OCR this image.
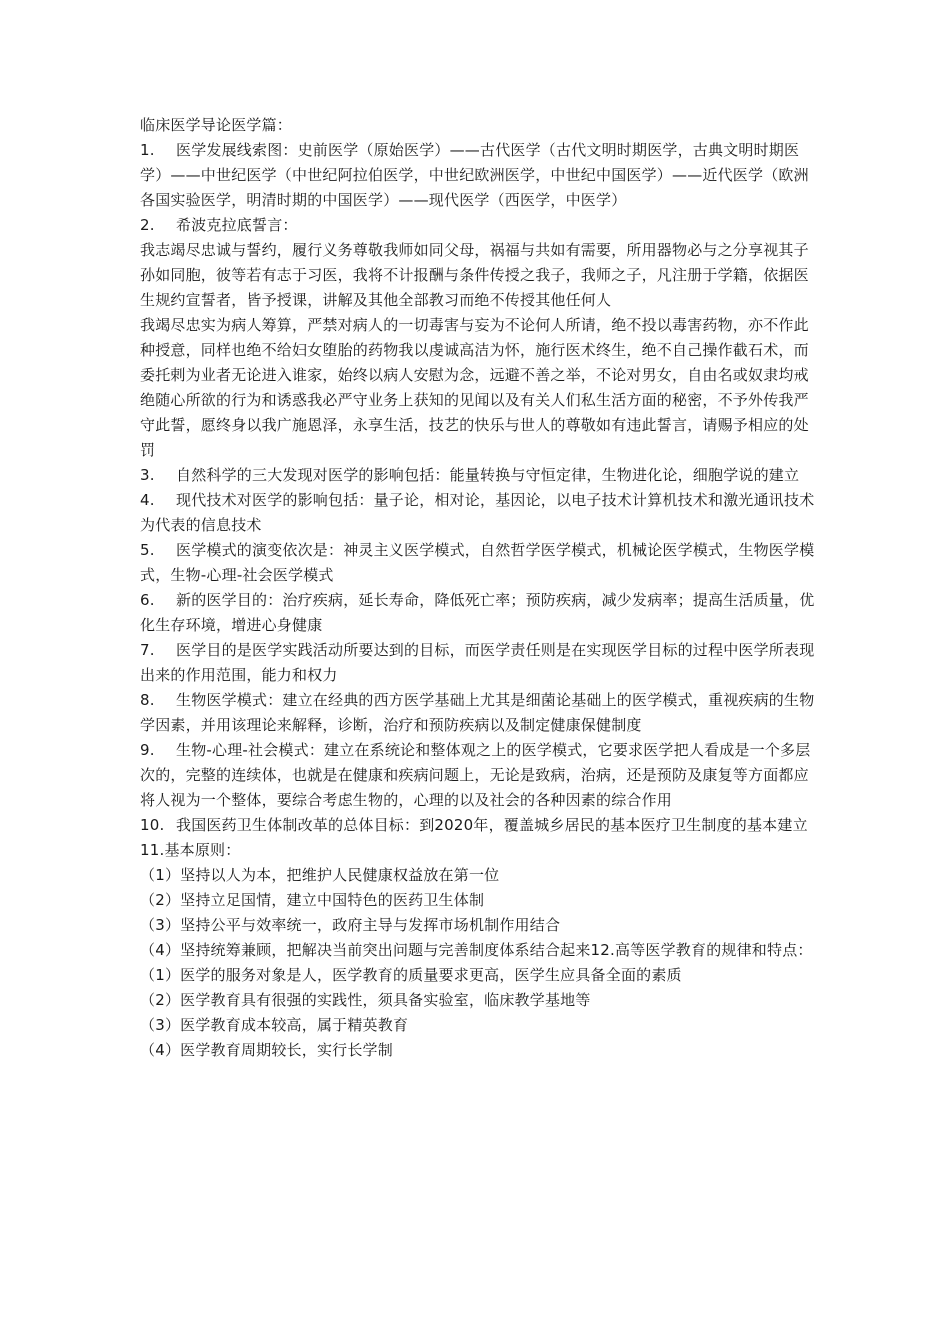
临床医学导论医学篇：

1. 医学发展线索图：史前医学（原始医学）——古代医学（古代文明时期医学，古典文明时期医学）——中世纪医学（中世纪阿拉伯医学，中世纪欧洲医学，中世纪中国医学）——近代医学（欧洲各国实验医学，明清时期的中国医学）——现代医学（西医学，中医学）

2. 希波克拉底誓言：

我志竭尽忠诚与誓约，履行义务尊敬我师如同父母，祸福与共如有需要，所用器物必与之分享视其子孙如同胞，彼等若有志于习医，我将不计报酬与条件传授之我子，我师之子，凡注册于学籍，依据医生规约宣誓者，皆予授课，讲解及其他全部教习而绝不传授其他任何人

我竭尽忠实为病人筹算，严禁对病人的一切毒害与妄为不论何人所请，绝不投以毒害药物，亦不作此种授意，同样也绝不给妇女堕胎的药物我以虔诚高洁为怀，施行医术终生，绝不自己操作截石术，而委托剌为业者无论进入谁家，始终以病人安慰为念，远避不善之举，不论对男女，自由名或奴隶均戒绝随心所欲的行为和诱惑我必严守业务上获知的见闻以及有关人们私生活方面的秘密，不予外传我严守此誓，愿终身以我广施恩泽，永享生活，技艺的快乐与世人的尊敬如有违此誓言，请赐予相应的处罚

3. 自然科学的三大发现对医学的影响包括：能量转换与守恒定律，生物进化论，细胞学说的建立

4. 现代技术对医学的影响包括：量子论，相对论，基因论，以电子技术计算机技术和激光通讯技术为代表的信息技术

5. 医学模式的演变依次是：神灵主义医学模式，自然哲学医学模式，机械论医学模式，生物医学模式，生物-心理-社会医学模式

6. 新的医学目的：治疗疾病，延长寿命，降低死亡率；预防疾病，减少发病率；提高生活质量，优化生存环境，增进心身健康

7. 医学目的是医学实践活动所要达到的目标，而医学责任则是在实现医学目标的过程中医学所表现出来的作用范围，能力和权力

8. 生物医学模式：建立在经典的西方医学基础上尤其是细菌论基础上的医学模式，重视疾病的生物学因素，并用该理论来解释，诊断，治疗和预防疾病以及制定健康保健制度

9. 生物-心理-社会模式：建立在系统论和整体观之上的医学模式，它要求医学把人看成是一个多层次的，完整的连续体，也就是在健康和疾病问题上，无论是致病，治病，还是预防及康复等方面都应将人视为一个整体，要综合考虑生物的，心理的以及社会的各种因素的综合作用

10. 我国医药卫生体制改革的总体目标：到2020年，覆盖城乡居民的基本医疗卫生制度的基本建立

11.基本原则：

（1）坚持以人为本，把维护人民健康权益放在第一位

（2）坚持立足国情，建立中国特色的医药卫生体制

（3）坚持公平与效率统一，政府主导与发挥市场机制作用结合

（4）坚持统筹兼顾，把解决当前突出问题与完善制度体系结合起来12.高等医学教育的规律和特点：

（1）医学的服务对象是人，医学教育的质量要求更高，医学生应具备全面的素质

（2）医学教育具有很强的实践性，须具备实验室，临床教学基地等

（3）医学教育成本较高，属于精英教育

（4）医学教育周期较长，实行长学制
